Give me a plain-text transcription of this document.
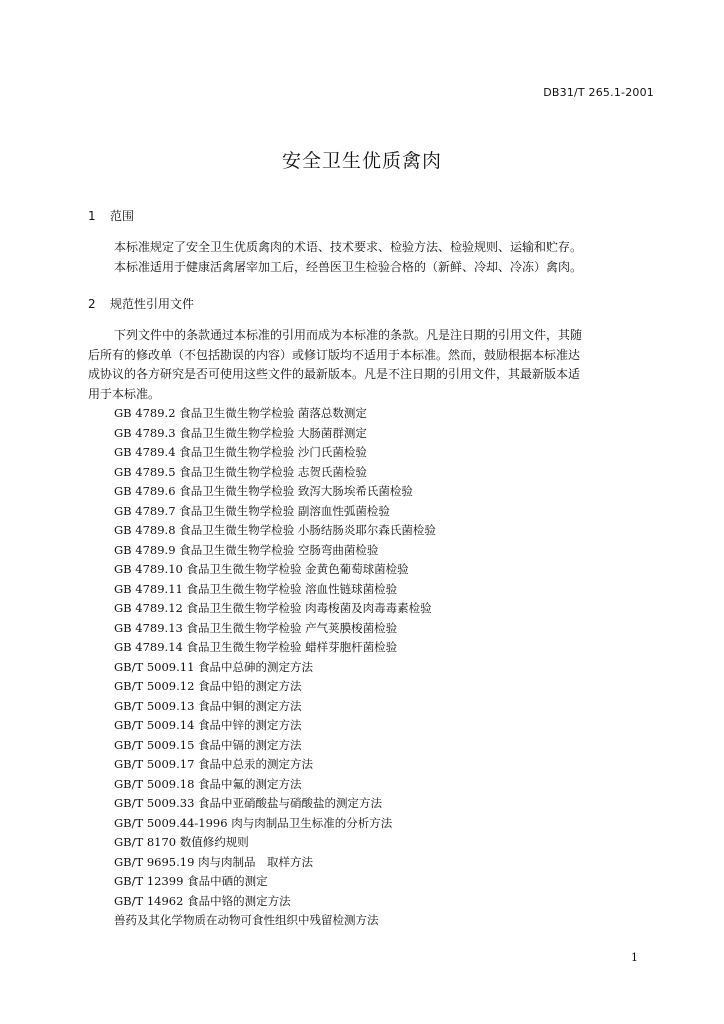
DB31/T 265.1-2001
安全卫生优质禽肉
1 范围
本标准规定了安全卫生优质禽肉的术语、技术要求、检验方法、检验规则、运输和贮存。
本标准适用于健康活禽屠宰加工后，经兽医卫生检验合格的（新鲜、冷却、冷冻）禽肉。
2 规范性引用文件
下列文件中的条款通过本标准的引用而成为本标准的条款。凡是注日期的引用文件，其随
后所有的修改单（不包括勘误的内容）或修订版均不适用于本标准。然而，鼓励根据本标准达
成协议的各方研究是否可使用这些文件的最新版本。凡是不注日期的引用文件，其最新版本适
用于本标准。
GB 4789.2 食品卫生微生物学检验 菌落总数测定
GB 4789.3 食品卫生微生物学检验 大肠菌群测定
GB 4789.4 食品卫生微生物学检验 沙门氏菌检验
GB 4789.5 食品卫生微生物学检验 志贺氏菌检验
GB 4789.6 食品卫生微生物学检验 致泻大肠埃希氏菌检验
GB 4789.7 食品卫生微生物学检验 副溶血性弧菌检验
GB 4789.8 食品卫生微生物学检验 小肠结肠炎耶尔森氏菌检验
GB 4789.9 食品卫生微生物学检验 空肠弯曲菌检验
GB 4789.10 食品卫生微生物学检验 金黄色葡萄球菌检验
GB 4789.11 食品卫生微生物学检验 溶血性链球菌检验
GB 4789.12 食品卫生微生物学检验 肉毒梭菌及肉毒毒素检验
GB 4789.13 食品卫生微生物学检验 产气荚膜梭菌检验
GB 4789.14 食品卫生微生物学检验 蜡样芽胞杆菌检验
GB/T 5009.11 食品中总砷的测定方法
GB/T 5009.12 食品中铅的测定方法
GB/T 5009.13 食品中铜的测定方法
GB/T 5009.14 食品中锌的测定方法
GB/T 5009.15 食品中镉的测定方法
GB/T 5009.17 食品中总汞的测定方法
GB/T 5009.18 食品中氟的测定方法
GB/T 5009.33 食品中亚硝酸盐与硝酸盐的测定方法
GB/T 5009.44-1996 肉与肉制品卫生标准的分析方法
GB/T 8170 数值修约规则
GB/T 9695.19 肉与肉制品　取样方法
GB/T 12399 食品中硒的测定
GB/T 14962 食品中铬的测定方法
兽药及其化学物质在动物可食性组织中残留检测方法
1
